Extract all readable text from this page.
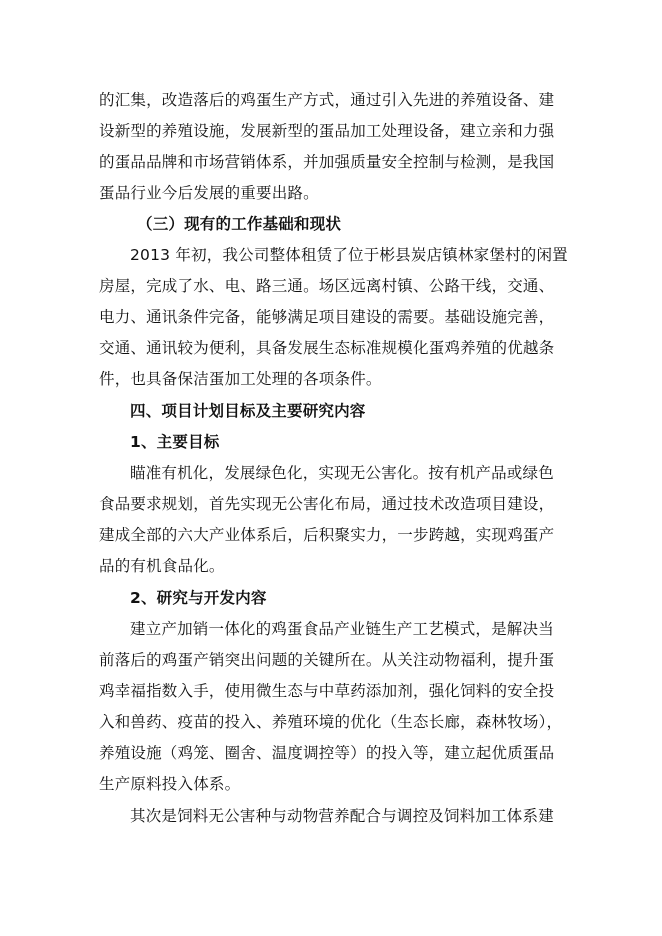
的汇集，改造落后的鸡蛋生产方式，通过引入先进的养殖设备、建
设新型的养殖设施，发展新型的蛋品加工处理设备，建立亲和力强
的蛋品品牌和市场营销体系，并加强质量安全控制与检测，是我国
蛋品行业今后发展的重要出路。
（三）现有的工作基础和现状
2013 年初，我公司整体租赁了位于彬县炭店镇林家堡村的闲置
房屋，完成了水、电、路三通。场区远离村镇、公路干线，交通、
电力、通讯条件完备，能够满足项目建设的需要。基础设施完善，
交通、通讯较为便利，具备发展生态标准规模化蛋鸡养殖的优越条
件，也具备保洁蛋加工处理的各项条件。
四、项目计划目标及主要研究内容
1、主要目标
瞄准有机化，发展绿色化，实现无公害化。按有机产品或绿色
食品要求规划，首先实现无公害化布局，通过技术改造项目建设，
建成全部的六大产业体系后，后积聚实力，一步跨越，实现鸡蛋产
品的有机食品化。
2、研究与开发内容
建立产加销一体化的鸡蛋食品产业链生产工艺模式，是解决当
前落后的鸡蛋产销突出问题的关键所在。从关注动物福利，提升蛋
鸡幸福指数入手，使用微生态与中草药添加剂，强化饲料的安全投
入和兽药、疫苗的投入、养殖环境的优化（生态长廊，森林牧场），
养殖设施（鸡笼、圈舍、温度调控等）的投入等，建立起优质蛋品
生产原料投入体系。
其次是饲料无公害种与动物营养配合与调控及饲料加工体系建
